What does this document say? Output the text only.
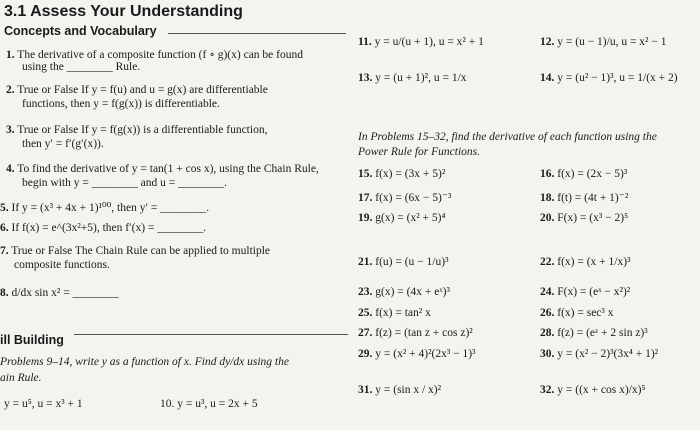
3.1 Assess Your Understanding
Concepts and Vocabulary
1. The derivative of a composite function (f ∘ g)(x) can be found
using the ________ Rule.
2. True or False If y = f(u) and u = g(x) are differentiable
functions, then y = f(g(x)) is differentiable.
3. True or False If y = f(g(x)) is a differentiable function,
then y′ = f′(g′(x)).
4. To find the derivative of y = tan(1 + cos x), using the Chain Rule,
begin with y = ________ and u = ________.
5. If y = (x³ + 4x + 1)¹⁰⁰, then y′ = ________.
6. If f(x) = e^(3x²+5), then f′(x) = ________.
7. True or False The Chain Rule can be applied to multiple
composite functions.
8. d/dx sin x² = ________
ill Building
Problems 9–14, write y as a function of x. Find dy/dx using the
ain Rule.
y = u⁵, u = x³ + 1	10. y = u³, u = 2x + 5
11. y = u/(u + 1), u = x² + 1	12. y = (u − 1)/u, u = x² − 1
13. y = (u + 1)², u = 1/x	14. y = (u² − 1)³, u = 1/(x + 2)
In Problems 15–32, find the derivative of each function using the
Power Rule for Functions.
15. f(x) = (3x + 5)²	16. f(x) = (2x − 5)³
17. f(x) = (6x − 5)⁻³	18. f(t) = (4t + 1)⁻²
19. g(x) = (x² + 5)⁴	20. F(x) = (x³ − 2)⁵
21. f(u) = (u − 1/u)³	22. f(x) = (x + 1/x)³
23. g(x) = (4x + eˣ)³	24. F(x) = (eˣ − x²)²
25. f(x) = tan² x	26. f(x) = sec³ x
27. f(z) = (tan z + cos z)²	28. f(z) = (eᶻ + 2 sin z)³
29. y = (x² + 4)²(2x³ − 1)³	30. y = (x² − 2)³(3x⁴ + 1)²
31. y = (sin x / x)²	32. y = ((x + cos x)/x)⁵
